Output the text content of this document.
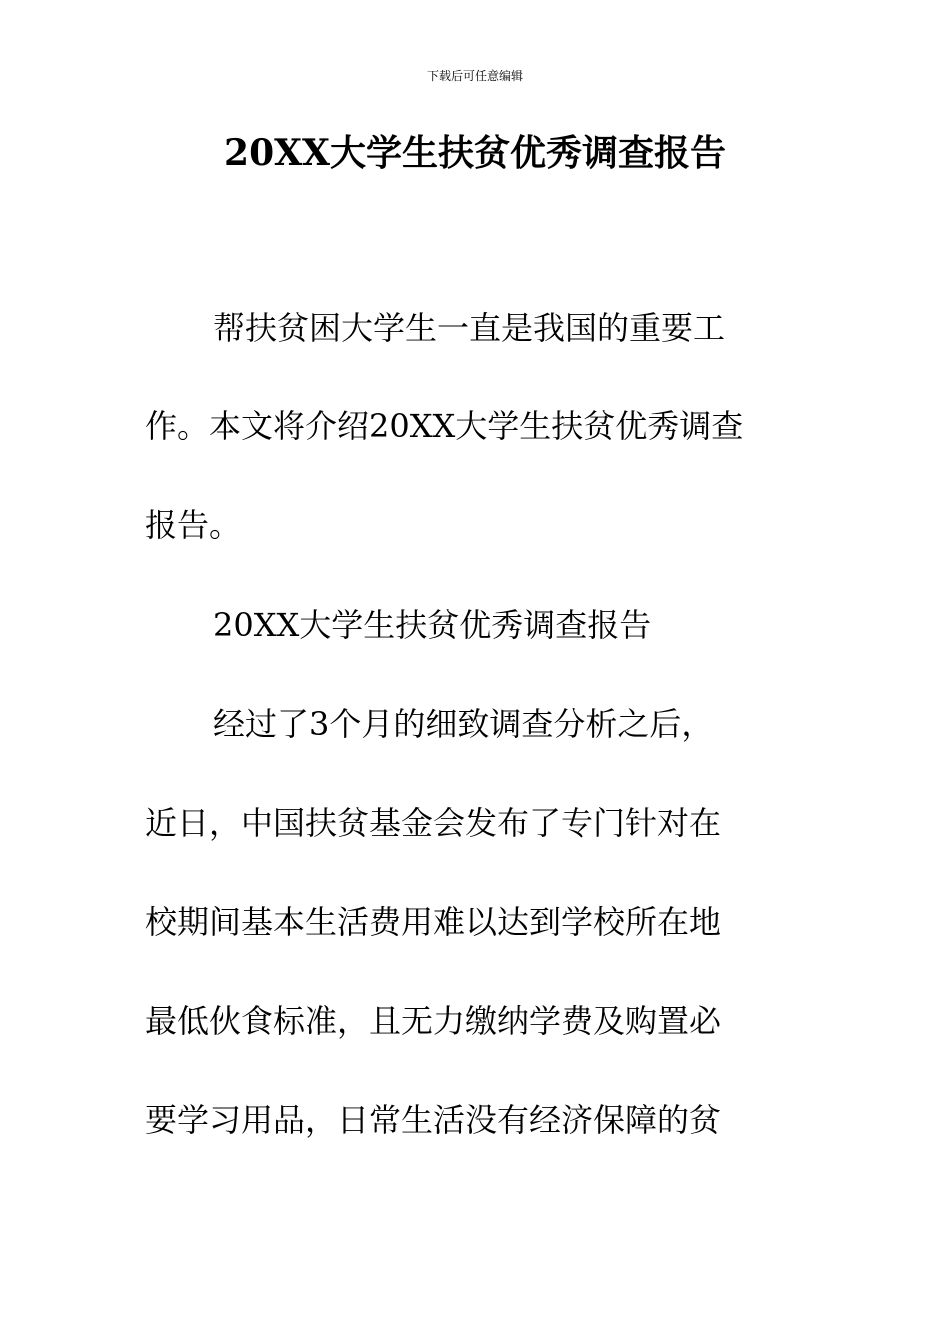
下载后可任意编辑
20XX大学生扶贫优秀调查报告
帮扶贫困大学生一直是我国的重要工
作。本文将介绍20XX大学生扶贫优秀调查
报告。
20XX大学生扶贫优秀调查报告
经过了3个月的细致调查分析之后，
近日，中国扶贫基金会发布了专门针对在
校期间基本生活费用难以达到学校所在地
最低伙食标准，且无力缴纳学费及购置必
要学习用品，日常生活没有经济保障的贫
